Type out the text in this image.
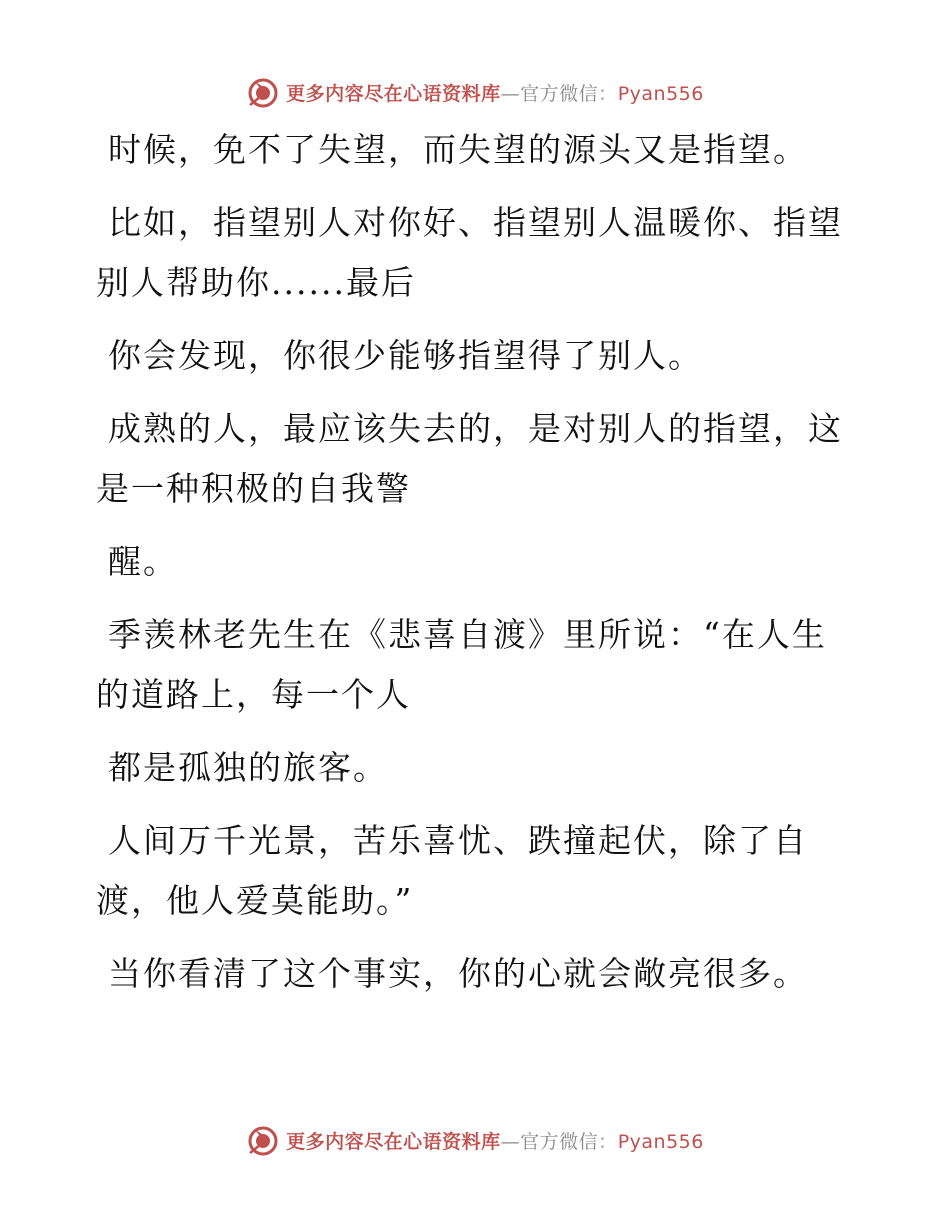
更多内容尽在心语资料库—官方微信：Pyan556

时候，免不了失望，而失望的源头又是指望。

比如，指望别人对你好、指望别人温暖你、指望

别人帮助你......最后

你会发现，你很少能够指望得了别人。

成熟的人，最应该失去的，是对别人的指望，这

是一种积极的自我警

醒。

季羡林老先生在《悲喜自渡》里所说：“在人生

的道路上，每一个人

都是孤独的旅客。

人间万千光景，苦乐喜忧、跌撞起伏，除了自

渡，他人爱莫能助。”

当你看清了这个事实，你的心就会敞亮很多。

更多内容尽在心语资料库—官方微信：Pyan556
